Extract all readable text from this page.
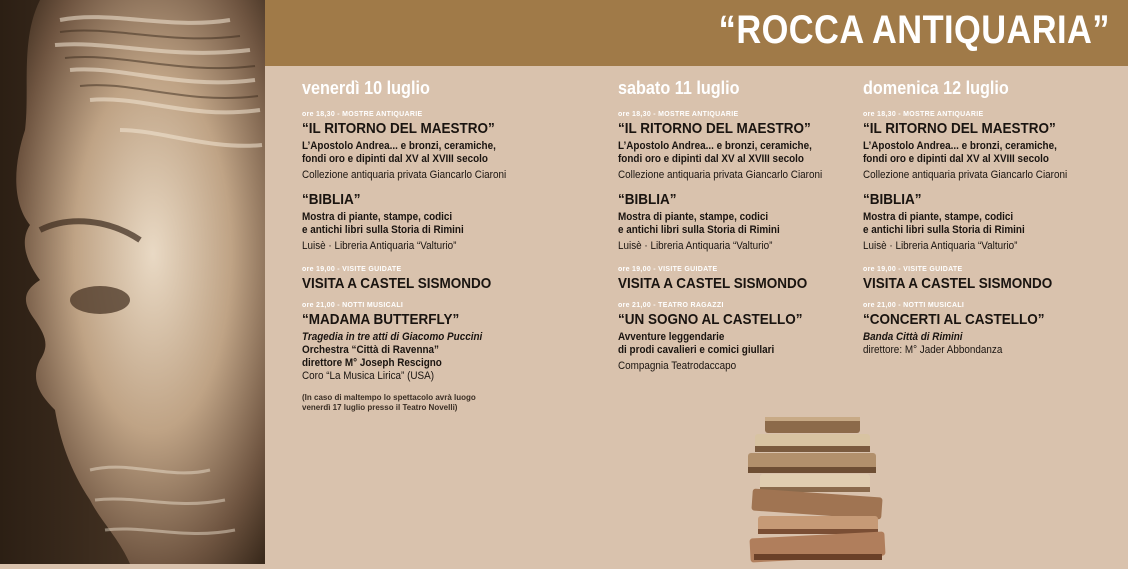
“ROCCA ANTIQUARIA”
venerdì 10 luglio
ore 18,30 - MOSTRE ANTIQUARIE
“IL RITORNO DEL MAESTRO”
L’Apostolo Andrea... e bronzi, ceramiche,
fondi oro e dipinti dal XV al XVIII secolo
Collezione antiquaria privata Giancarlo Ciaroni
“BIBLIA”
Mostra di piante, stampe, codici
e antichi libri sulla Storia di Rimini
Luisè · Libreria Antiquaria “Valturio”
ore 19,00 - VISITE GUIDATE
VISITA A CASTEL SISMONDO
ore 21,00 - NOTTI MUSICALI
“MADAMA BUTTERFLY”
Tragedia in tre atti di Giacomo Puccini
Orchestra “Città di Ravenna”
direttore M° Joseph Rescigno
Coro “La Musica Lirica” (USA)
(In caso di maltempo lo spettacolo avrà luogo
venerdì 17 luglio presso il Teatro Novelli)
sabato 11 luglio
ore 18,30 - MOSTRE ANTIQUARIE
“IL RITORNO DEL MAESTRO”
L’Apostolo Andrea... e bronzi, ceramiche,
fondi oro e dipinti dal XV al XVIII secolo
Collezione antiquaria privata Giancarlo Ciaroni
“BIBLIA”
Mostra di piante, stampe, codici
e antichi libri sulla Storia di Rimini
Luisè · Libreria Antiquaria “Valturio”
ore 19,00 - VISITE GUIDATE
VISITA A CASTEL SISMONDO
ore 21,00 - TEATRO RAGAZZI
“UN SOGNO AL CASTELLO”
Avventure leggendarie
di prodi cavalieri e comici giullari
Compagnia Teatrodaccapo
domenica 12 luglio
ore 18,30 - MOSTRE ANTIQUARIE
“IL RITORNO DEL MAESTRO”
L’Apostolo Andrea... e bronzi, ceramiche,
fondi oro e dipinti dal XV al XVIII secolo
Collezione antiquaria privata Giancarlo Ciaroni
“BIBLIA”
Mostra di piante, stampe, codici
e antichi libri sulla Storia di Rimini
Luisè · Libreria Antiquaria “Valturio”
ore 19,00 - VISITE GUIDATE
VISITA A CASTEL SISMONDO
ore 21,00 - NOTTI MUSICALI
“CONCERTI AL CASTELLO”
Banda Città di Rimini
direttore: M° Jader Abbondanza
